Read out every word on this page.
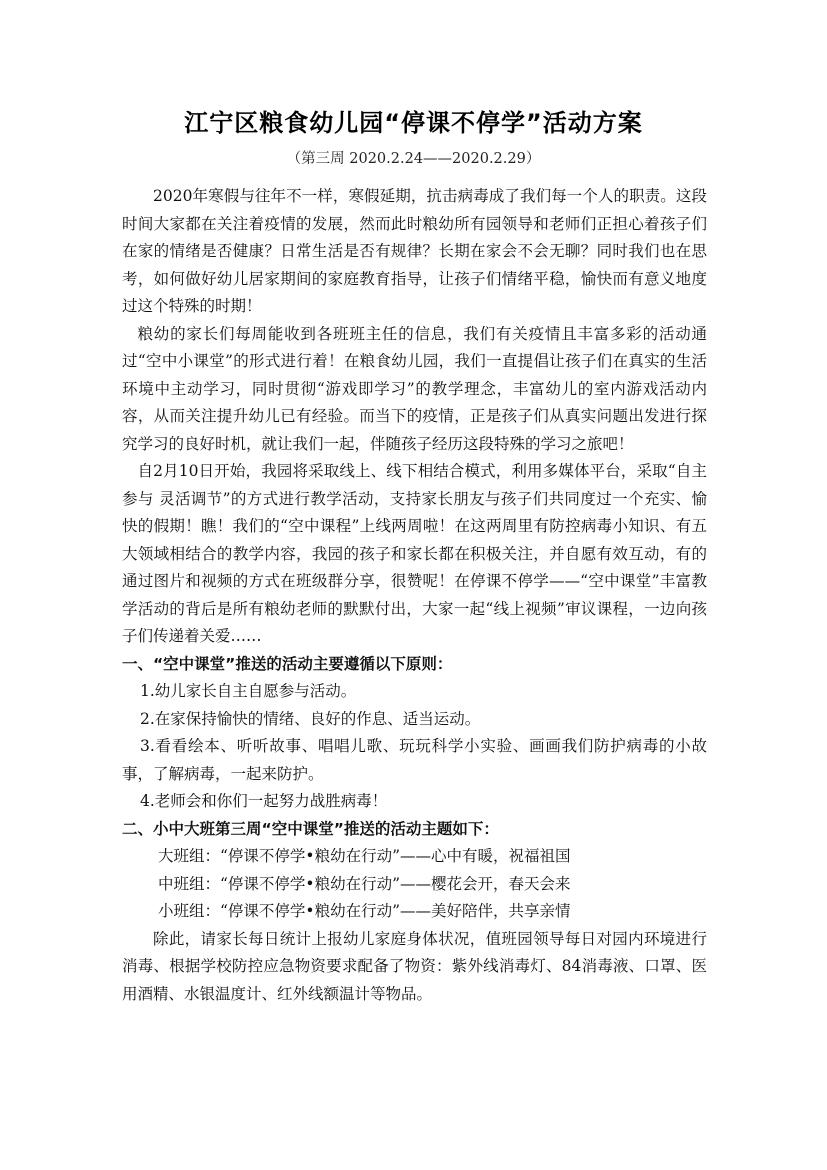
江宁区粮食幼儿园“停课不停学”活动方案
（第三周 2020.2.24——2020.2.29）

2020年寒假与往年不一样，寒假延期，抗击病毒成了我们每一个人的职责。这段时间大家都在关注着疫情的发展，然而此时粮幼所有园领导和老师们正担心着孩子们在家的情绪是否健康？日常生活是否有规律？长期在家会不会无聊？同时我们也在思考，如何做好幼儿居家期间的家庭教育指导，让孩子们情绪平稳，愉快而有意义地度过这个特殊的时期！

粮幼的家长们每周能收到各班班主任的信息，我们有关疫情且丰富多彩的活动通过“空中小课堂”的形式进行着！在粮食幼儿园，我们一直提倡让孩子们在真实的生活环境中主动学习，同时贯彻“游戏即学习”的教学理念，丰富幼儿的室内游戏活动内容，从而关注提升幼儿已有经验。而当下的疫情，正是孩子们从真实问题出发进行探究学习的良好时机，就让我们一起，伴随孩子经历这段特殊的学习之旅吧！

自2月10日开始，我园将采取线上、线下相结合模式，利用多媒体平台，采取“自主参与 灵活调节”的方式进行教学活动，支持家长朋友与孩子们共同度过一个充实、愉快的假期！瞧！我们的“空中课程”上线两周啦！在这两周里有防控病毒小知识、有五大领域相结合的教学内容，我园的孩子和家长都在积极关注，并自愿有效互动，有的通过图片和视频的方式在班级群分享，很赞呢！在停课不停学——“空中课堂”丰富教学活动的背后是所有粮幼老师的默默付出，大家一起“线上视频”审议课程，一边向孩子们传递着关爱……

一、“空中课堂”推送的活动主要遵循以下原则：

1.幼儿家长自主自愿参与活动。

2.在家保持愉快的情绪、良好的作息、适当运动。

3.看看绘本、听听故事、唱唱儿歌、玩玩科学小实验、画画我们防护病毒的小故事，了解病毒，一起来防护。

4.老师会和你们一起努力战胜病毒！

二、小中大班第三周“空中课堂”推送的活动主题如下：

大班组：“停课不停学•粮幼在行动”——心中有暖，祝福祖国

中班组：“停课不停学•粮幼在行动”——樱花会开，春天会来

小班组：“停课不停学•粮幼在行动”——美好陪伴，共享亲情

除此，请家长每日统计上报幼儿家庭身体状况，值班园领导每日对园内环境进行消毒、根据学校防控应急物资要求配备了物资：紫外线消毒灯、84消毒液、口罩、医用酒精、水银温度计、红外线额温计等物品。
